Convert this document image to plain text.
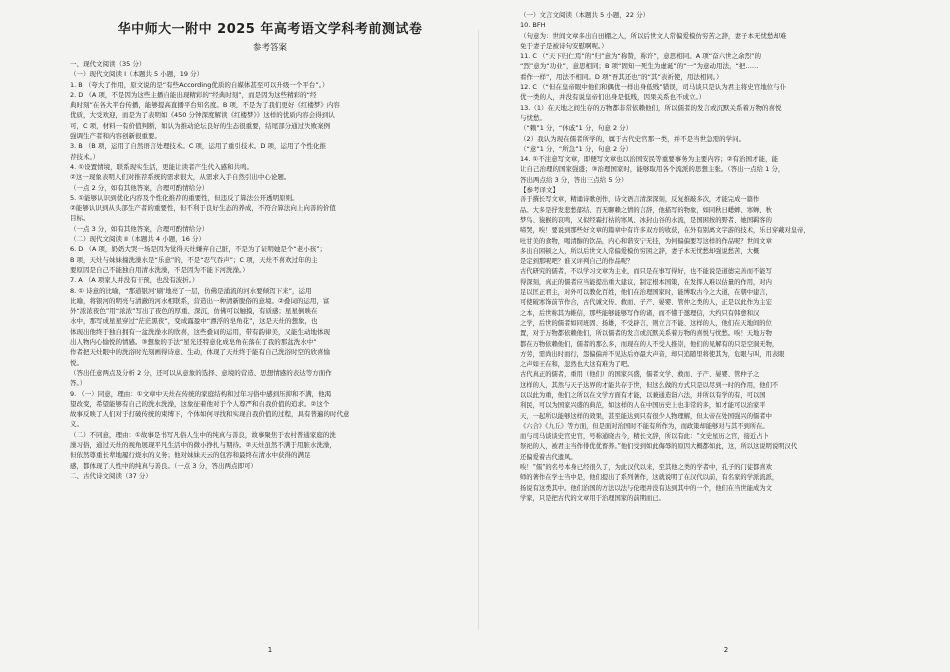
华中师大一附中 2025 年高考语文学科考前测试卷
参考答案
一、现代文阅读（35 分）
（一）现代文阅读 I（本题共 5 小题，19 分）
1. B （夸大了作用，原文说的是“有些According优质的自媒体甚至可以升级一个平台”。）
2. D （A 项，不是因为这些主播自能出现精彩的“经典时刻”，而是因为这些精彩的“经
典时刻”在各大平台传播，能够提高直播平台知名度。B 项，不是为了我们更好《红楼梦》内容
优质，大受欢迎，而是为了表明如《450 分钟深度解读《红楼梦》》这样的优质内容会得到认
可，C 项，材料一有价值判断，如认为推动论坛良好的生态很重要，结尾部分通过失败案例
强调生产者和内容创新很重要。
3. B （B 项，运用了自然语言处理技术。C 项，运用了重引技术。D 项，运用了个性化推
荐技术。）
4. ①设置情境，联系现实生活，更能让读者产生代入感和共鸣。
②这一现象表明人们对推荐系统的需求很大，从需求入手自然引出中心论题。
（一点 2 分，如有其他答案，合理可酌情给分）
5. ①能够认识到优化内容及个性化推荐的重要性，但违反了算法公开透明原则。
②能够认识到从头部生产者的重要性，但不利于良好生态的养成，不符合算法向上向善的价值
目标。
（一点 3 分，如有其他答案，合理可酌情给分）
（二）现代文阅读 II（本题共 4 小题，16 分）
6. D （A 项，奶奶大哭一场是因为觉得天灶嫌弃自己脏，不是为了证明她是个“老小孩”；
B 项，天灶与妹妹撞洗澡水是“乐意”的，不是“忍气吞声”；C 项，天灶不喜欢过年的主
要原因是自己不能独自用清水洗澡，不是因为不能下河洗澡。）
7. A （A 项家人并没有干预，也没有波折。）
8. ① 诗意的比喻，“那道银河‘刷’地亮了一层，仿佛是涌流的河水要倾泻下来”，运用
比喻，将银河的明亮与清澈的河水相联系，营造出一种清新脱俗的意境。②叠词的运用，富
外“浓浓夜色”用“浓浓”写出了夜色的厚重、深沉，仿佛可以触摸，有质感；星星倒映在
水中，那写成星星穿过“茫茫黑夜”，变成露盈中“漂浮的皂角花”，这是天灶的想象，也
体现出他终于独自拥有一盆洗澡水的欣喜，这些叠词的运用，带有韵律美，又能生动地体现
出人物内心愉悦的情感。③想象的手法“星光还特意化成皂角在落在了我的那盆洗水中”
作者把天灶眼中的洗浴时光刻画得诗意、生动，体现了天灶终于能有自己洗浴时空的欣喜愉
悦。
（答出任意两点及分析 2 分，还可以从意象的选择、意境的营造、思想情感的表达等方面作
答。）
9. （一）同意，理由：①文章中天灶在传统的家庭结构和过年习俗中感到压抑和不满，他渴
望改变，希望能够有自己的洗水洗澡，这象征着他对于个人尊严和自我价值的追求。②这个
故事反映了人们对于打破传统的束缚下，个体如何寻找和实现自我价值的过程，具有普遍的时代意
义。
（二）不同意，理由：①故事是书写凡俗人生中的纯真与善良，故事聚焦于农村普通家庭的洗
澡习俗，通过天灶的视角展现平凡生活中的微小挣扎与期待。②天灶虽然不满于用脏水洗澡，
但依然尊重长辈地履行烧水的义务；他对妹妹天云的包容和最终在清水中获得的满足
感，都体现了人性中的纯真与善良。（一点 3 分，答出两点即可）
二、古代诗文阅读（37 分）
1
（一）文言文阅读（本题共 5 小题，22 分）
10. BFH
（句意为：世间文章多出自田棚之人，所以后世文人常偏爱模仿穷苦之辞，妻子本无忧愁却难
免于妻子是被诗句安慰啊呢。）
11. C （“天下归仁焉”的“归”意为“称赞，称许”，意思相同。A 项“奋六世之余烈”的
“烈”意为“功业”，意思相同；B 项“固知一死生为虚诞”的“一”为意动用法，“把……
看作一样”，用法不相同。D 项“吾其还也”的“其”表祈使，用法相同。）
12. C （“但在皇帝眼中他们和偶优一样出身低贱”错误，司马谈只是认为君主将史官地位与仆
优一类的人，并没有说皇帝们出身是低贱，因果关系也不成立。）
13.（1）在天地之间生存的万物都非常依赖他们，所以儒者的发言或沉默关系着万物的喜悦
与忧愁。
（“赖”1 分，“休戚”1 分，句意 2 分）
（2）我认为现在儒者所学的，属于古代史官那一类，并不是当世急需的学问。
（“意”1 分，“所急”1 分，句意 2 分）
14. ①不注意写文章，即便写文章也以治国安民等重要事务为主要内容；②有治国才能，能
让自己治理的国家强盛；③治理国家时，能够取用各个流派的思想主张。（答出一点给 1 分，
答出两点给 3 分，答出三点给 5 分）
【参考译文】
善于撰长写文章，精诵诗歌创作，诗文语言清深深刻，反复推敲多次，才能完成一篇作
品。大多是抒发悲愁郁结、百无聊赖之情的言辞，他描写的物象，如同秋日蟋蟀、寒蝉、秋
梦鸟、猿猴的哀鸣，又似经霜打枯的寒风、冰封山谷的水流，是国困按的野者、她国羁客的
啼哭，唉！要说到那些好文章的篇章中有许多双方的收获，在外有别离文字游的技术，乐日穿戴对皇帝，
吐甘美的食物，喝清醇的饮品，内心和谐安宁无挂，为何偏偏要写这样的作品呢？世间文章
多出自困顿之人，所以后世文人常偏爱模仿穷困之辞，妻子本无忧愁却强说愁苦，大概
是定到那呢吧？谁又评判自己的作品呢？
古代研究的儒者，不以学习文章为主业，而只是在事写得好，也不能说是道德完善而不能写
得深刻，真正的儒者应当能提出重大建议，制定根本国策，在发挥人难以估量的作用，对内
足以匡正君主，对外可以教化百姓，他们在治理国家时，能博取古今之大道，在朝中建言，
可使破寒饰前节作合，古代诚文传、救而、子产、晏婴、管仲之类的人，正是以此作为主宏
之本，后世称其为帷信，那些能够能够写作的诸，而不懂于邀理信，大约只有韩愈和汉
之学，后世的儒者如同班固、扬雄，不受辟言，则立言不能、这样的人，他们在天地间的位
置，对于万物都依赖他们，所以儒者的发言或沉默关系着万物的喜悦与忧愁。唉！天地万物
都在万物依赖他们，儒者的那么多，而现在的人不受人推崇，他们的见解有的只是空洞无物，
方劳，需尚出时而行，怨偏偏并不见达后亦最大声音，却只追随里将使其为，危眼与叫，用表眼
之声如王在和，忽然也大这有难为了吧。
古代真正的儒者，重用（他们）的国家兴盛，儒者文学、救而、子产、晏婴、管仲子之
这样的人，其然与天子达界的才能共存于世，但这么做的方式只是以尽到一时的作用，他们不
以以此为重，他们之所以在文学方面有才能，以兼通造诣六法，并所以有学的有，可以国
利民，可以为国家兴盛的典范，如这样的人在中国历史上也非常的多，如才能可以治家平
天，一起所以能够这样的效果，甚至能达到只有很少人物理解，但太帝在处国强兴的儒者中
《六合》《九丘》等方面，但是面对治国时不能有所作为，而政策却能够对与其不到所在。
而与司马谈谈史官史官，号称通晓古今，精长文辞，所以有此：“文史星历之官，接近占卜
祭祀的人，被君主当作俳优优畜养。”他们受到如此侮辱的原因大概都如此，这，所以这说明说明汉代
还偏爱着古代遗风。
唉！“儒”的名号本身已经很久了，为此汉代以来，至其他之类的学者中，孔子的门徒都喜欢
师的著作在学士当中是，他们提出了系列著作，这就说明了在汉代以前，有名家的学派流派，
扬说有这类其中。他们治国的方法以法与伦理并没有达到其中的一个，他们在当世能成为文
学家，只是把古代的文章用于治理国家的前期而已。
2
